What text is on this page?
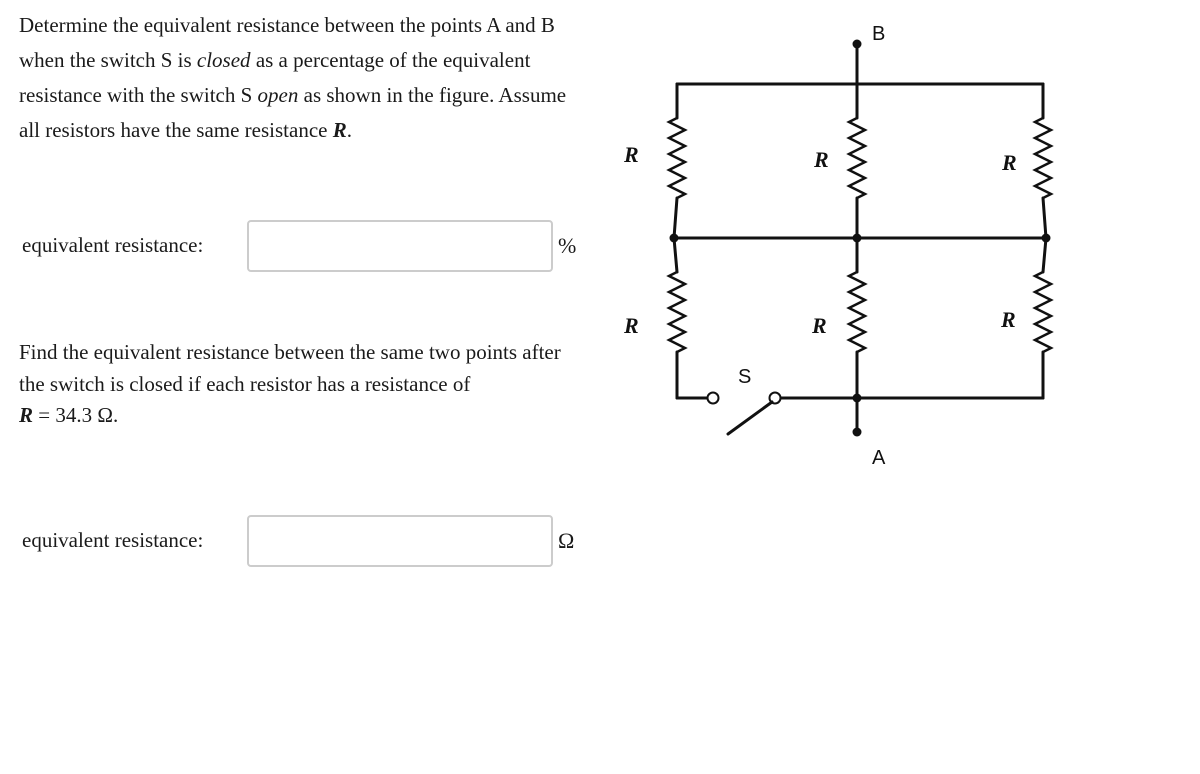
Determine the equivalent resistance between the points A and B when the switch S is closed as a percentage of the equivalent resistance with the switch S open as shown in the figure. Assume all resistors have the same resistance R.
equivalent resistance:	%
Find the equivalent resistance between the same two points after the switch is closed if each resistor has a resistance of
R = 34.3 Ω.
equivalent resistance:	Ω
B
R	R	R
R	R	R
S
A
